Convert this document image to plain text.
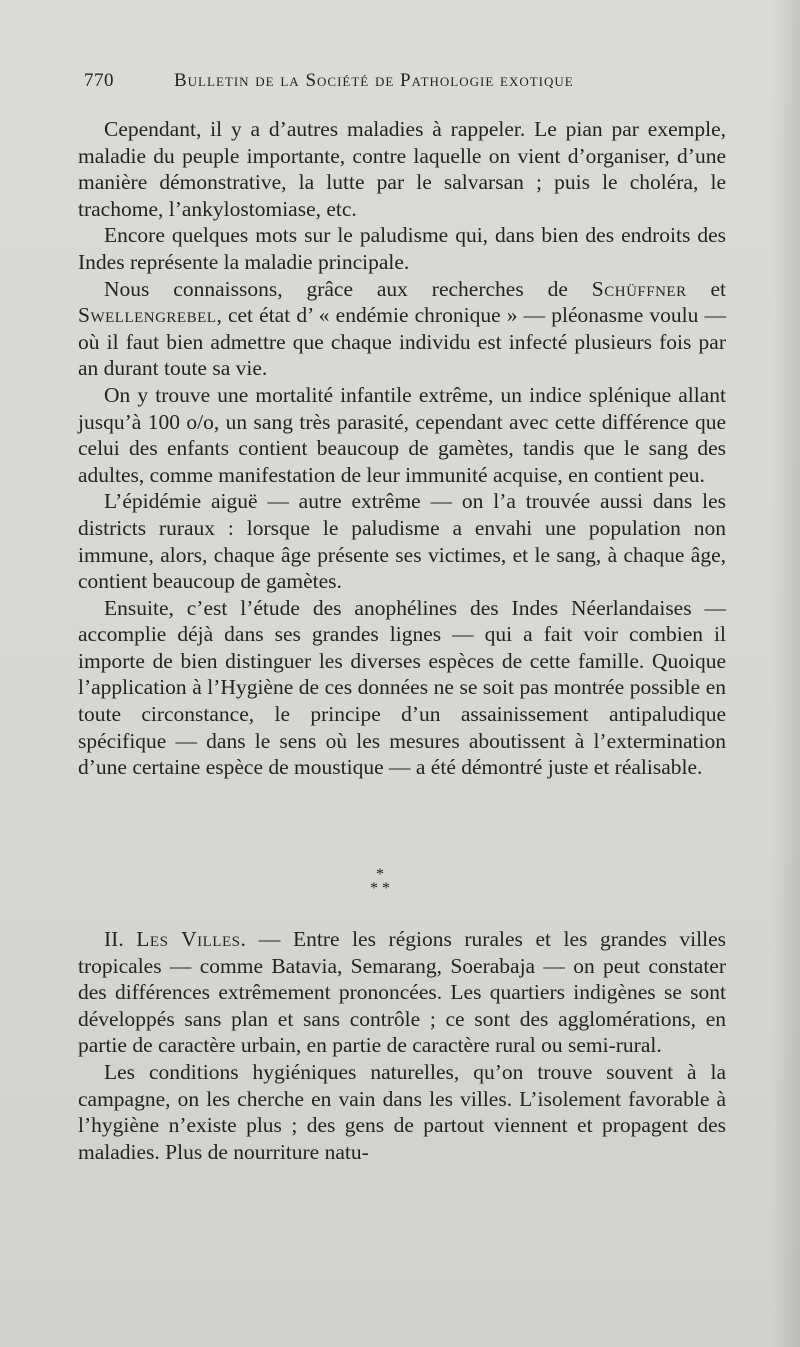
770	Bulletin de la Société de Pathologie exotique

Cependant, il y a d’autres maladies à rappeler. Le pian par exemple, maladie du peuple importante, contre laquelle on vient d’organiser, d’une manière démonstrative, la lutte par le salvarsan ; puis le choléra, le trachome, l’ankylostomiase, etc.

Encore quelques mots sur le paludisme qui, dans bien des endroits des Indes représente la maladie principale.

Nous connaissons, grâce aux recherches de Schüffner et Swellengrebel, cet état d’ « endémie chronique » — pléonasme voulu — où il faut bien admettre que chaque individu est infecté plusieurs fois par an durant toute sa vie.

On y trouve une mortalité infantile extrême, un indice splénique allant jusqu’à 100 o/o, un sang très parasité, cependant avec cette différence que celui des enfants contient beaucoup de gamètes, tandis que le sang des adultes, comme manifestation de leur immunité acquise, en contient peu.

L’épidémie aiguë — autre extrême — on l’a trouvée aussi dans les districts ruraux : lorsque le paludisme a envahi une population non immune, alors, chaque âge présente ses victimes, et le sang, à chaque âge, contient beaucoup de gamètes.

Ensuite, c’est l’étude des anophélines des Indes Néerlandaises — accomplie déjà dans ses grandes lignes — qui a fait voir combien il importe de bien distinguer les diverses espèces de cette famille. Quoique l’application à l’Hygiène de ces données ne se soit pas montrée possible en toute circonstance, le principe d’un assainissement antipaludique spécifique — dans le sens où les mesures aboutissent à l’extermination d’une certaine espèce de moustique — a été démontré juste et réalisable.

*
* *

II. Les Villes. — Entre les régions rurales et les grandes villes tropicales — comme Batavia, Semarang, Soerabaja — on peut constater des différences extrêmement prononcées. Les quartiers indigènes se sont développés sans plan et sans contrôle ; ce sont des agglomérations, en partie de caractère urbain, en partie de caractère rural ou semi-rural.

Les conditions hygiéniques naturelles, qu’on trouve souvent à la campagne, on les cherche en vain dans les villes. L’isolement favorable à l’hygiène n’existe plus ; des gens de partout viennent et propagent des maladies. Plus de nourriture natu-
